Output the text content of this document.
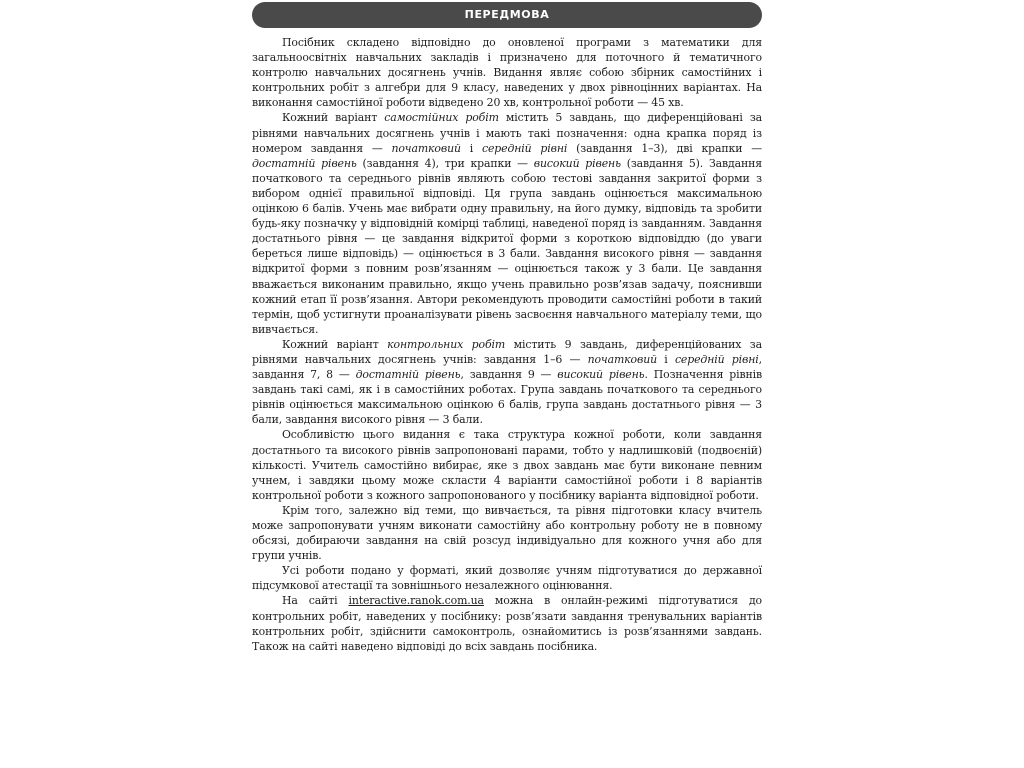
ПЕРЕДМОВА

Посібник складено відповідно до оновленої програми з математики для загальноосвітніх навчальних закладів і призначено для поточного й тематичного контролю навчальних досягнень учнів. Видання являє собою збірник самостійних і контрольних робіт з алгебри для 9 класу, наведених у двох рівноцінних варіантах. На виконання самостійної роботи відведено 20 хв, контрольної роботи — 45 хв.

Кожний варіант самостійних робіт містить 5 завдань, що диференційовані за рівнями навчальних досягнень учнів і мають такі позначення: одна крапка поряд із номером завдання — початковий і середній рівні (завдання 1–3), дві крапки — достатній рівень (завдання 4), три крапки — високий рівень (завдання 5). Завдання початкового та середнього рівнів являють собою тестові завдання закритої форми з вибором однієї правильної відповіді. Ця група завдань оцінюється максимальною оцінкою 6 балів. Учень має вибрати одну правильну, на його думку, відповідь та зробити будь-яку позначку у відповідній комірці таблиці, наведеної поряд із завданням. Завдання достатнього рівня — це завдання відкритої форми з короткою відповіддю (до уваги береться лише відповідь) — оцінюється в 3 бали. Завдання високого рівня — завдання відкритої форми з повним розв’язанням — оцінюється також у 3 бали. Це завдання вважається виконаним правильно, якщо учень правильно розв’язав задачу, пояснивши кожний етап її розв’язання. Автори рекомендують проводити самостійні роботи в такий термін, щоб устигнути проаналізувати рівень засвоєння навчального матеріалу теми, що вивчається.

Кожний варіант контрольних робіт містить 9 завдань, диференційованих за рівнями навчальних досягнень учнів: завдання 1–6 — початковий і середній рівні, завдання 7, 8 — достатній рівень, завдання 9 — високий рівень. Позначення рівнів завдань такі самі, як і в самостійних роботах. Група завдань початкового та середнього рівнів оцінюється максимальною оцінкою 6 балів, група завдань достатнього рівня — 3 бали, завдання високого рівня — 3 бали.

Особливістю цього видання є така структура кожної роботи, коли завдання достатнього та високого рівнів запропоновані парами, тобто у надлишковій (подвоєній) кількості. Учитель самостійно вибирає, яке з двох завдань має бути виконане певним учнем, і завдяки цьому може скласти 4 варіанти самостійної роботи і 8 варіантів контрольної роботи з кожного запропонованого у посібнику варіанта відповідної роботи.

Крім того, залежно від теми, що вивчається, та рівня підготовки класу вчитель може запропонувати учням виконати самостійну або контрольну роботу не в повному обсязі, добираючи завдання на свій розсуд індивідуально для кожного учня або для групи учнів.

Усі роботи подано у форматі, який дозволяє учням підготуватися до державної підсумкової атестації та зовнішнього незалежного оцінювання.

На сайті interactive.ranok.com.ua можна в онлайн-режимі підготуватися до контрольних робіт, наведених у посібнику: розв’язати завдання тренувальних варіантів контрольних робіт, здійснити самоконтроль, ознайомитись із розв’язаннями завдань. Також на сайті наведено відповіді до всіх завдань посібника.
